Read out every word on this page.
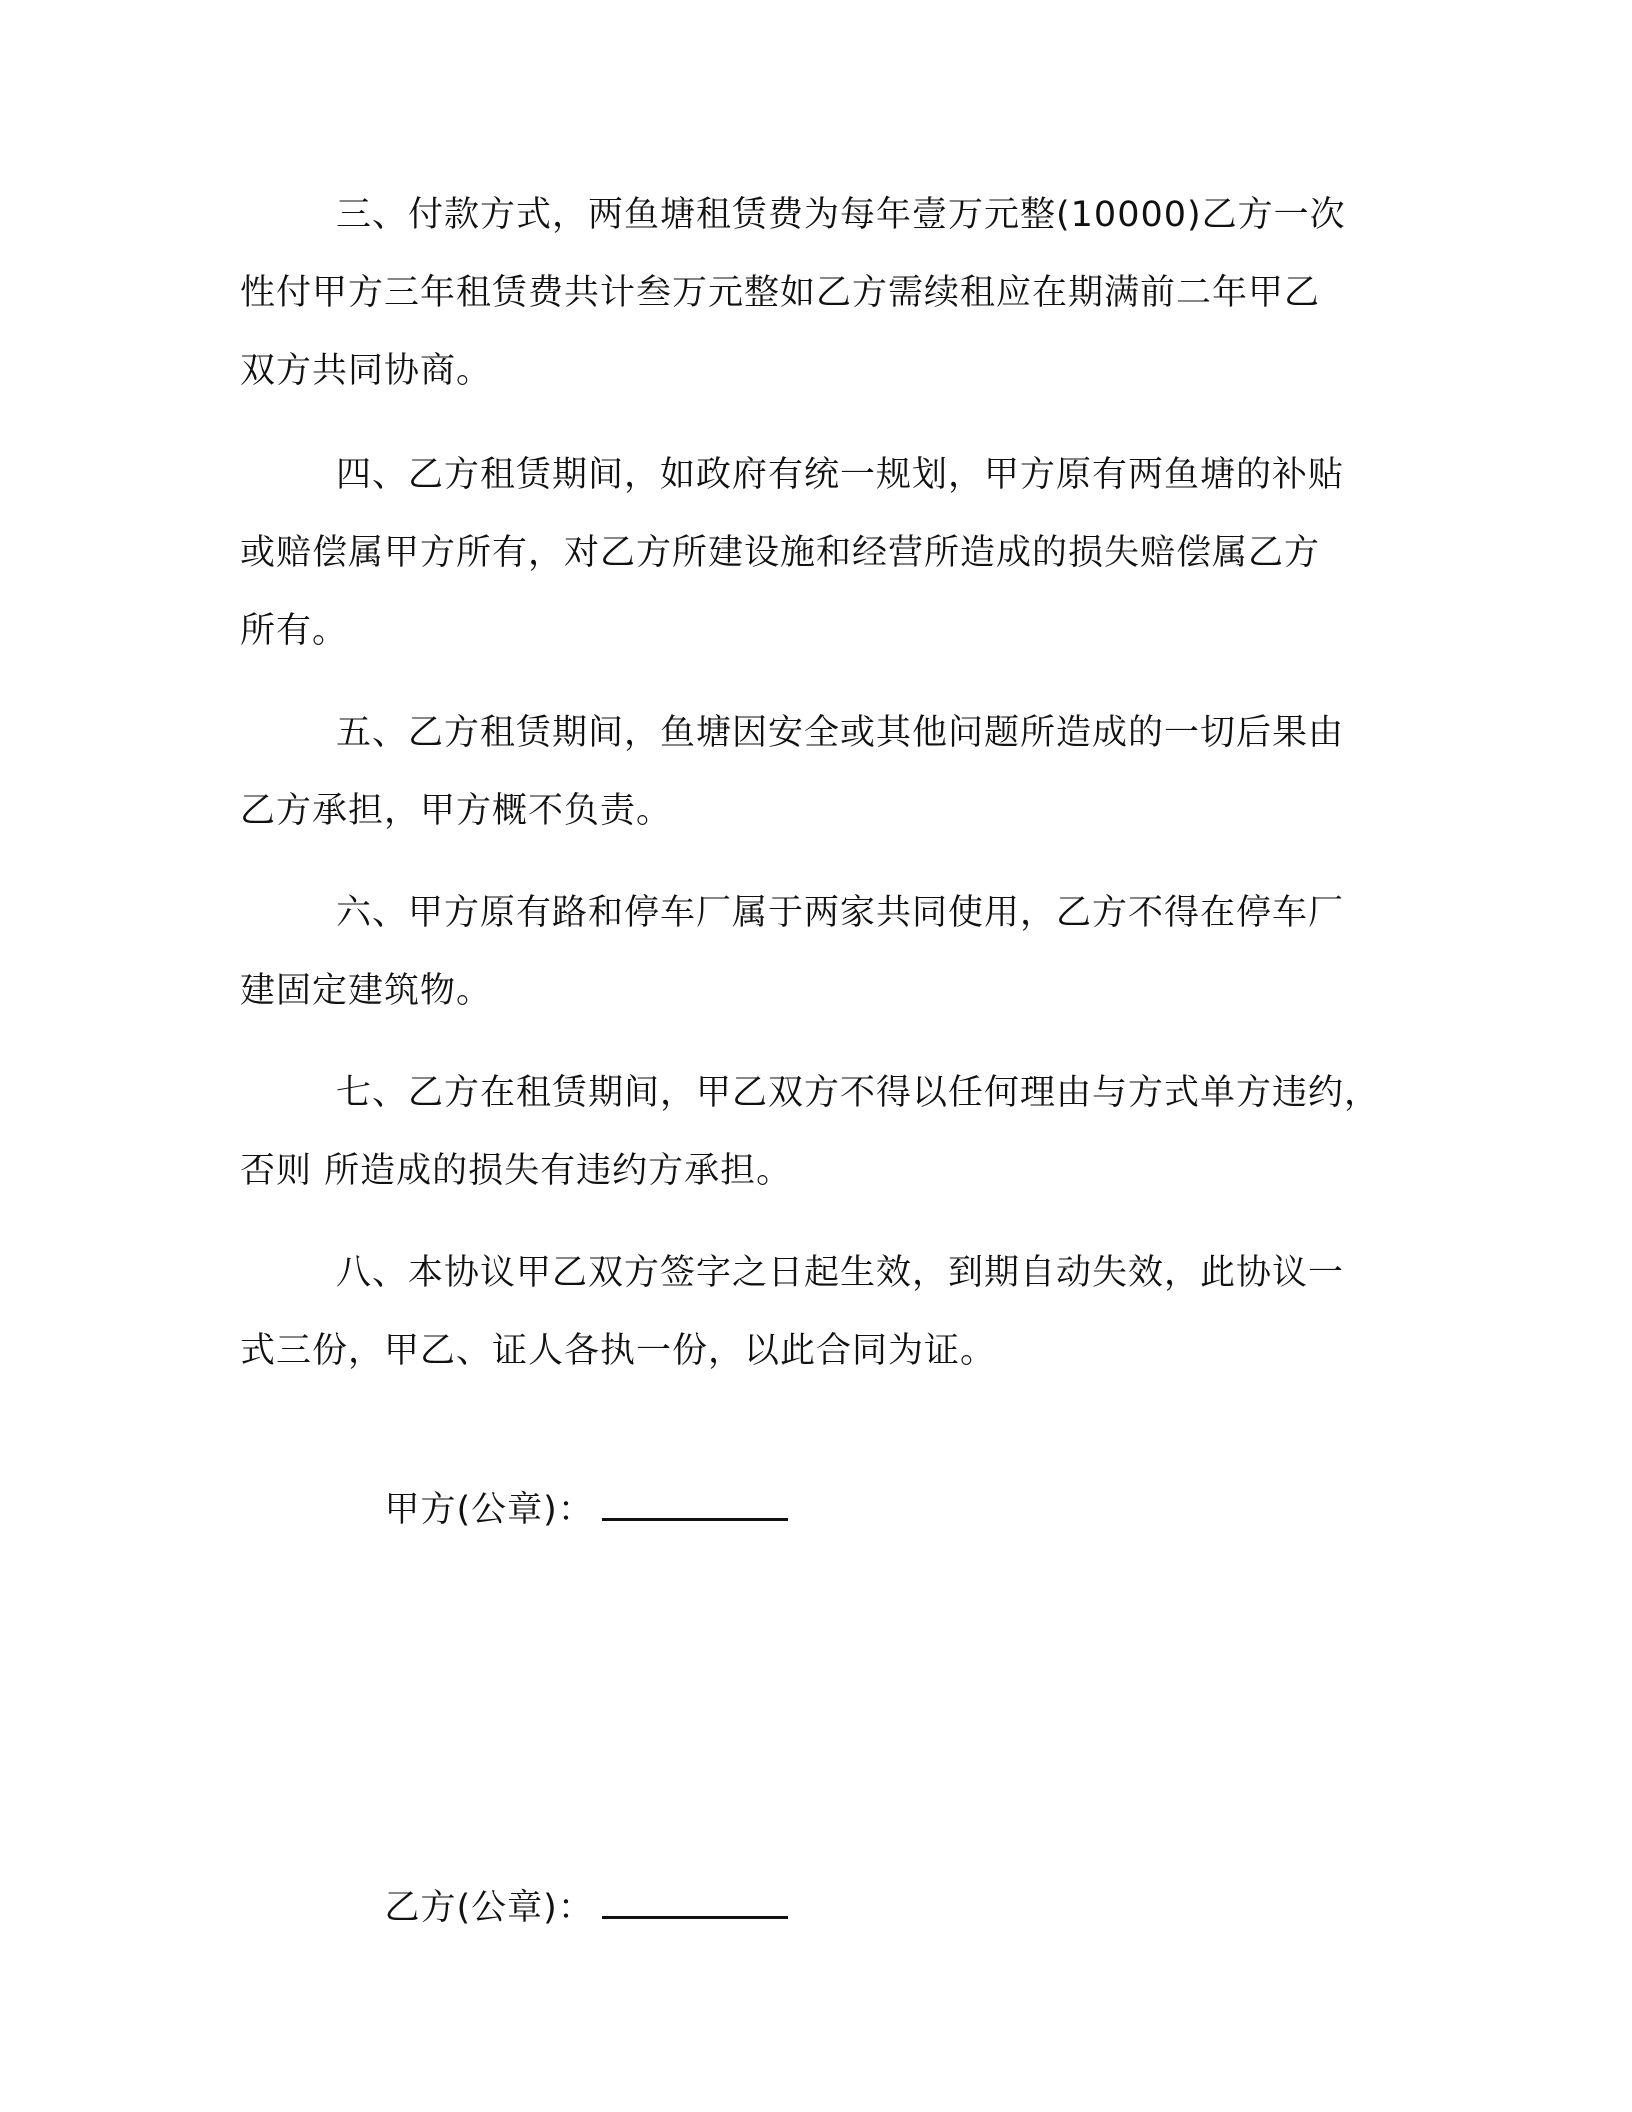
三、付款方式，两鱼塘租赁费为每年壹万元整(10000)乙方一次
性付甲方三年租赁费共计叁万元整如乙方需续租应在期满前二年甲乙
双方共同协商。
四、乙方租赁期间，如政府有统一规划，甲方原有两鱼塘的补贴
或赔偿属甲方所有，对乙方所建设施和经营所造成的损失赔偿属乙方
所有。
五、乙方租赁期间，鱼塘因安全或其他问题所造成的一切后果由
乙方承担，甲方概不负责。
六、甲方原有路和停车厂属于两家共同使用，乙方不得在停车厂
建固定建筑物。
七、乙方在租赁期间，甲乙双方不得以任何理由与方式单方违约，
否则 所造成的损失有违约方承担。
八、本协议甲乙双方签字之日起生效，到期自动失效，此协议一
式三份，甲乙、证人各执一份，以此合同为证。

甲方(公章)：

乙方(公章)：
